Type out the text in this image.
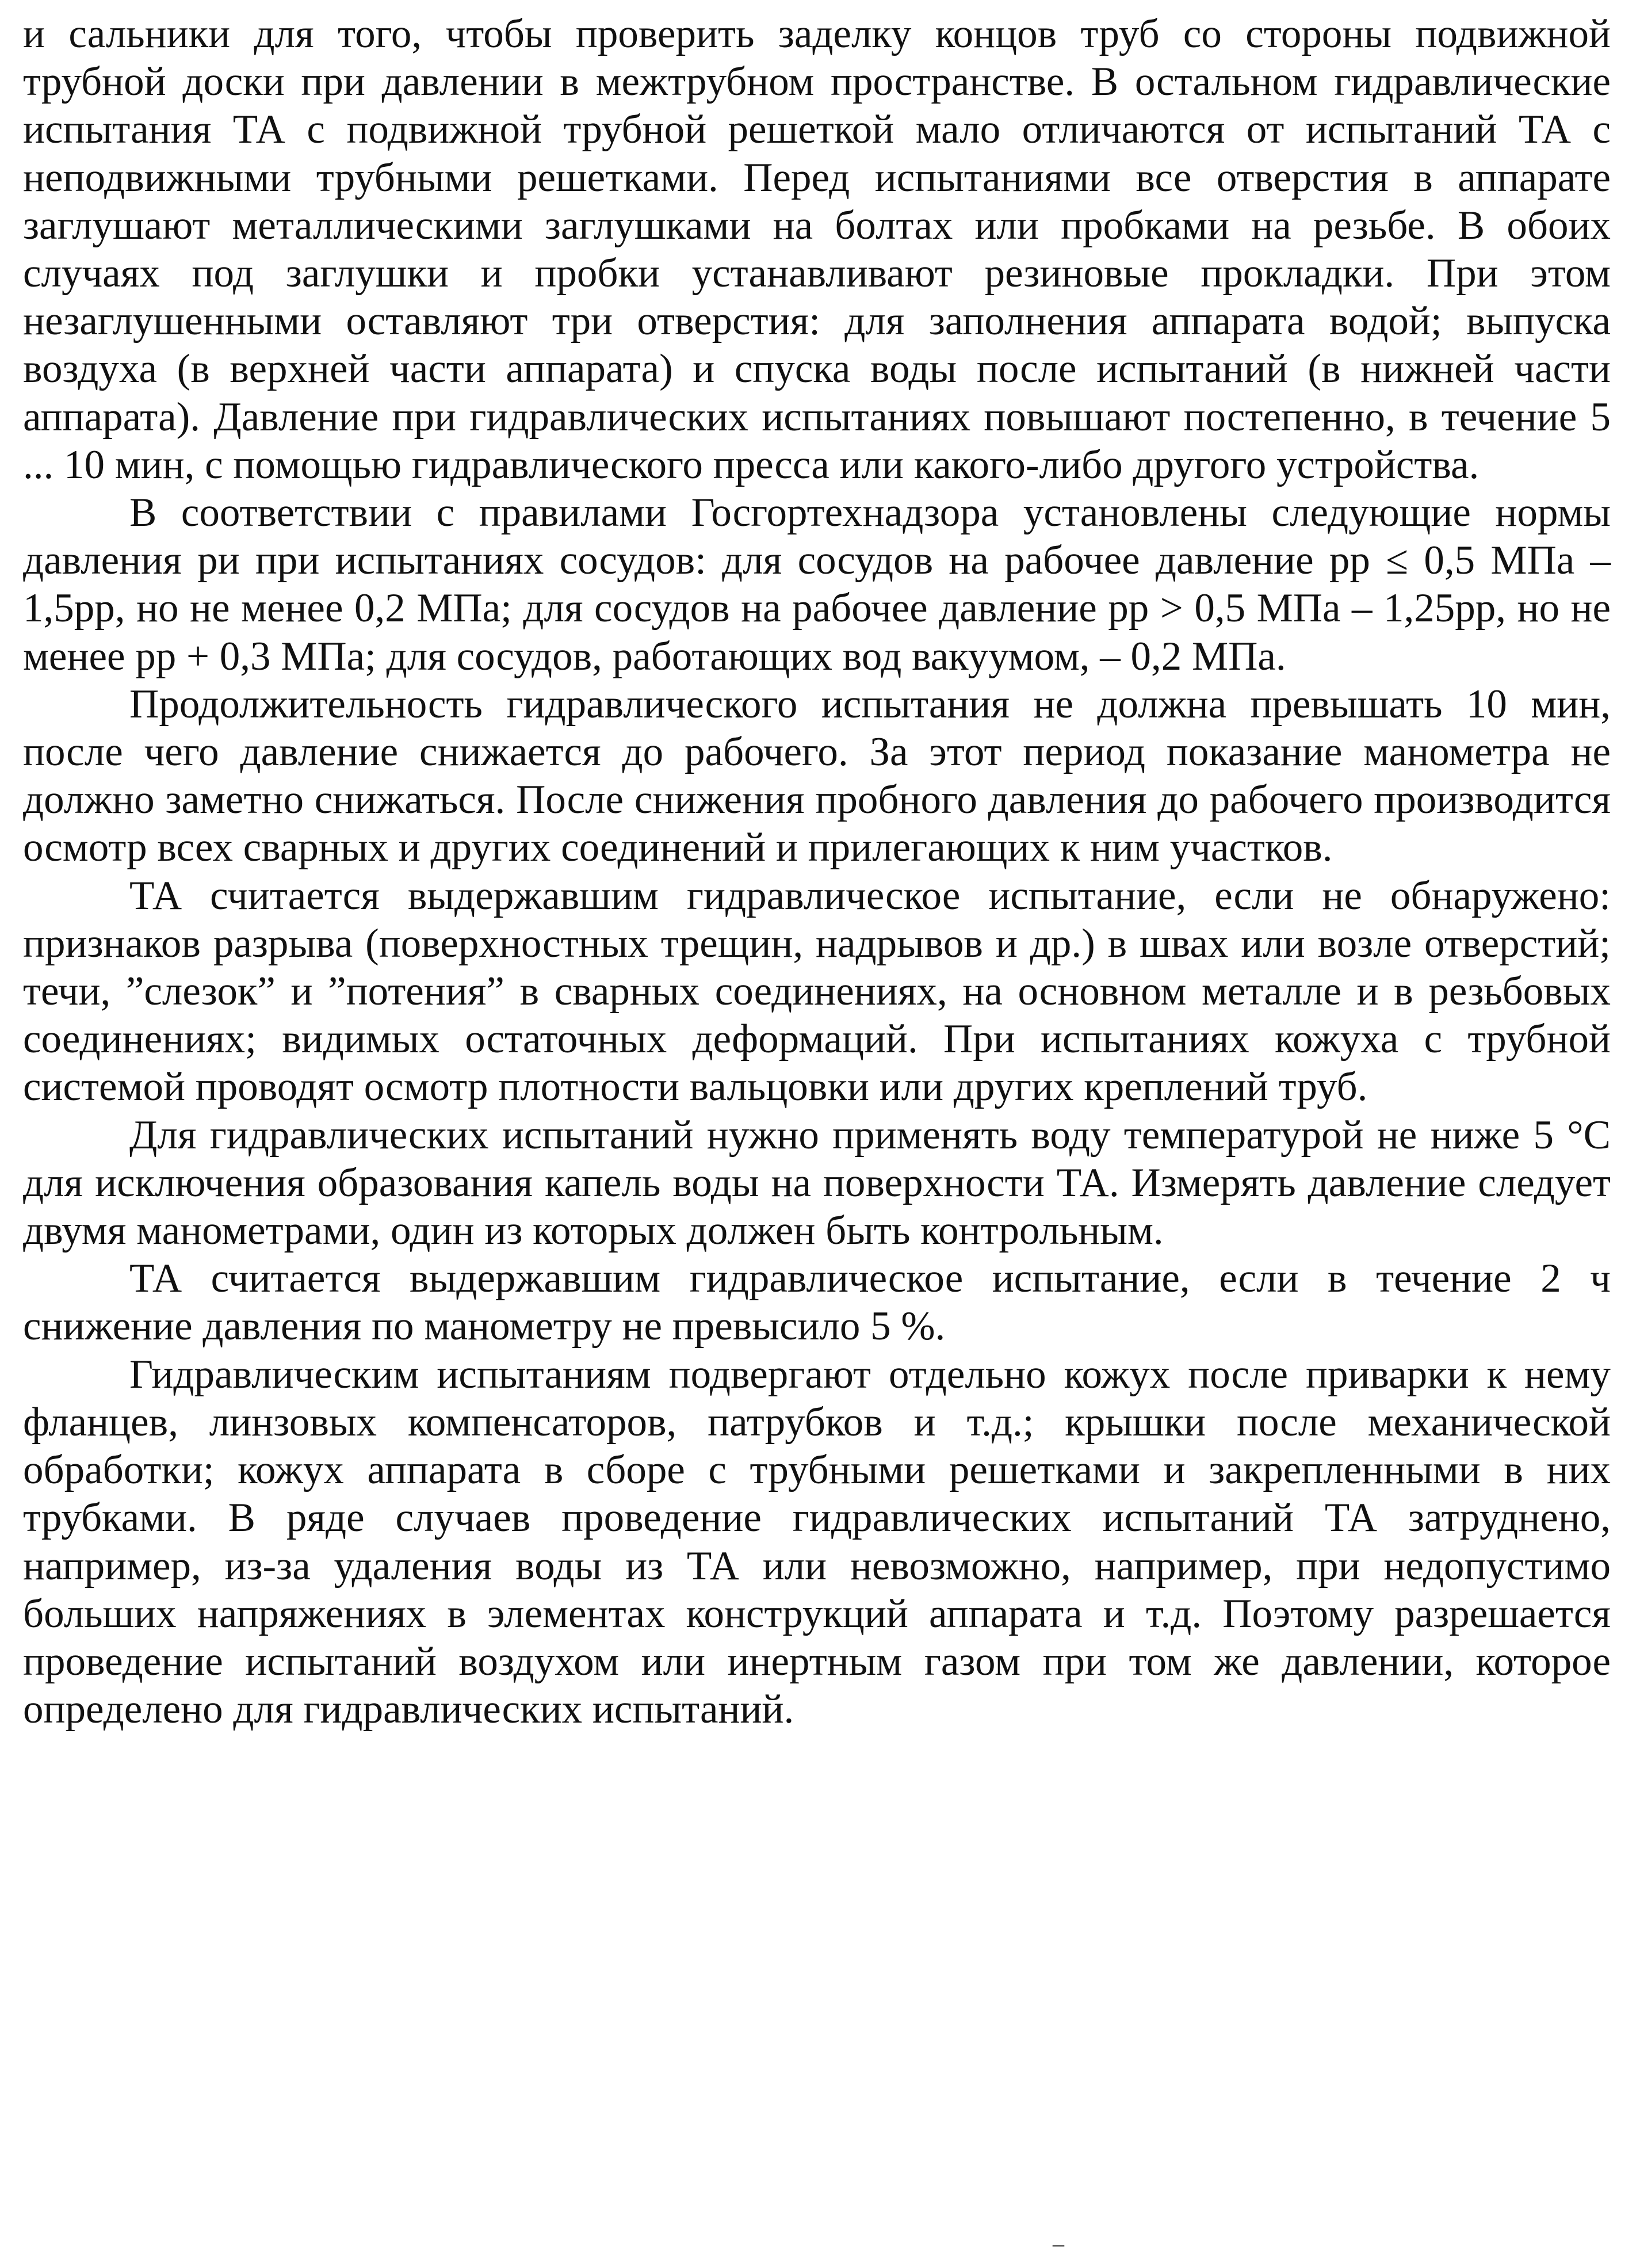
и сальники для того, чтобы проверить заделку концов труб со стороны подвижной трубной доски при давлении в межтрубном пространстве. В остальном гидравлические испытания ТА с подвижной трубной решеткой мало отличаются от испытаний ТА с неподвижными трубными решетками. Перед испытаниями все отверстия в аппарате заглушают металлическими заглушками на болтах или пробками на резьбе. В обоих случаях под заглушки и пробки устанавливают резиновые прокладки. При этом незаглушенными оставляют три отверстия: для заполнения аппарата водой; выпуска воздуха (в верхней части аппарата) и спуска воды после испытаний (в нижней части аппарата). Давление при гидравлических испытаниях повышают постепенно, в течение 5 ... 10 мин, с помощью гидравлического пресса или какого-либо другого устройства.

В соответствии с правилами Госгортехнадзора установлены следующие нормы давления pи при испытаниях сосудов: для сосудов на рабочее давление pр ≤ 0,5 МПа – 1,5pр, но не менее 0,2 МПа; для сосудов на рабочее давление pр > 0,5 МПа – 1,25pр, но не менее pр + 0,3 МПа; для сосудов, работающих вод вакуумом, – 0,2 МПа.

Продолжительность гидравлического испытания не должна превышать 10 мин, после чего давление снижается до рабочего. За этот период показание манометра не должно заметно снижаться. После снижения пробного давления до рабочего производится осмотр всех сварных и других соединений и прилегающих к ним участков.

ТА считается выдержавшим гидравлическое испытание, если не обнаружено: признаков разрыва (поверхностных трещин, надрывов и др.) в швах или возле отверстий; течи, ”слезок” и ”потения” в сварных соединениях, на основном металле и в резьбовых соединениях; видимых остаточных деформаций. При испытаниях кожуха с трубной системой проводят осмотр плотности вальцовки или других креплений труб.

Для гидравлических испытаний нужно применять воду температурой не ниже 5 °С для исключения образования капель воды на поверхности ТА. Измерять давление следует двумя манометрами, один из которых должен быть контрольным.

ТА считается выдержавшим гидравлическое испытание, если в течение 2 ч снижение давления по манометру не превысило 5 %.

Гидравлическим испытаниям подвергают отдельно кожух после приварки к нему фланцев, линзовых компенсаторов, патрубков и т.д.; крышки после механической обработки; кожух аппарата в сборе с трубными решетками и закрепленными в них трубками. В ряде случаев проведение гидравлических испытаний ТА затруднено, например, из-за удаления воды из ТА или невозможно, например, при недопустимо больших напряжениях в элементах конструкций аппарата и т.д. Поэтому разрешается проведение испытаний воздухом или инертным газом при том же давлении, которое определено для гидравлических испытаний.

–
